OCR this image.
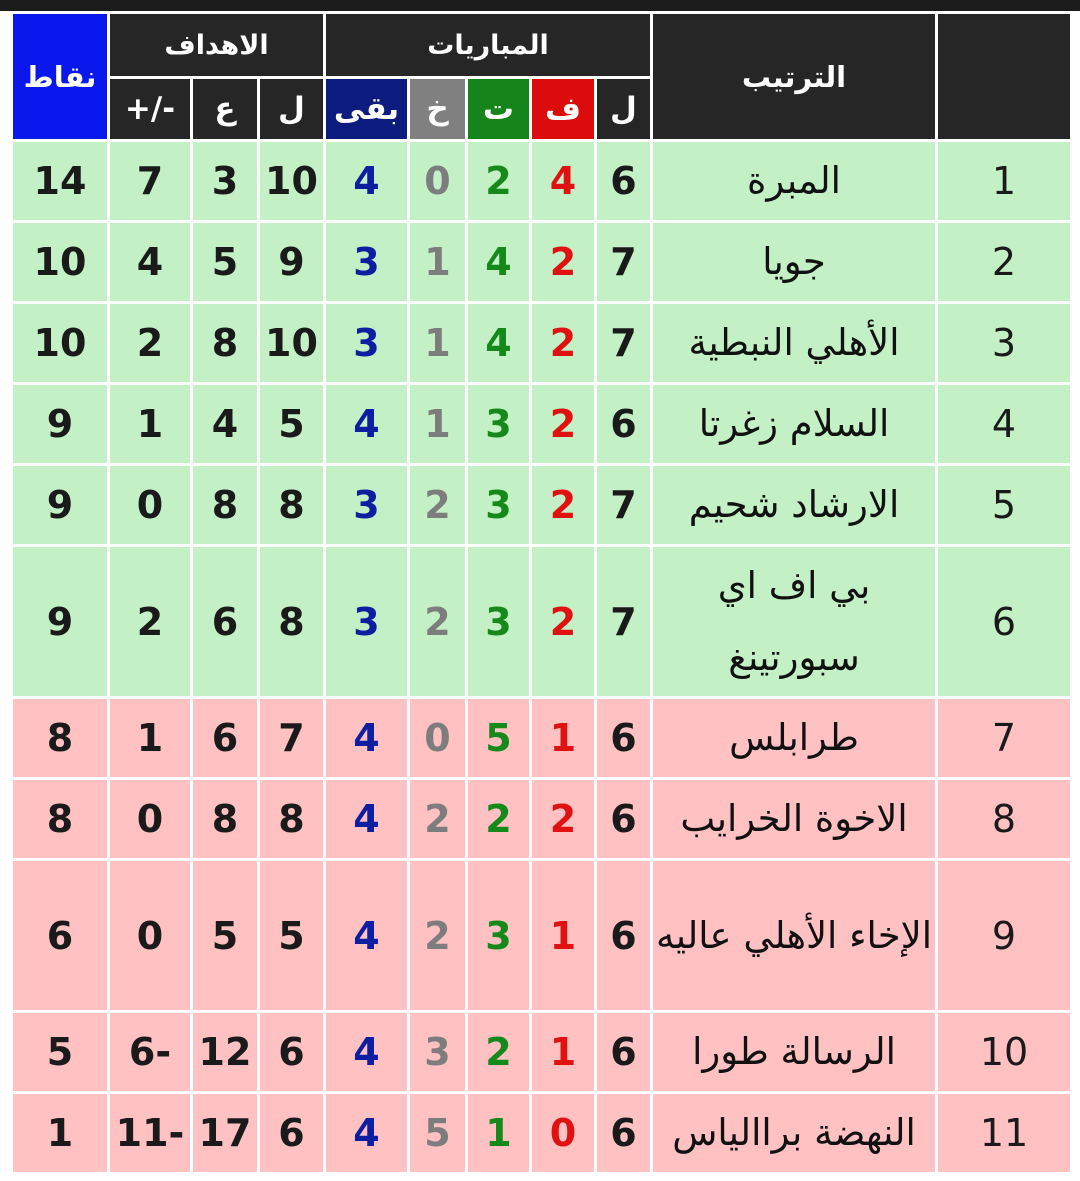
نقاط	الاهداف			المباريات					الترتيب	
	+/-	ع	ل	بقى	خ	ت	ف	ل		
14	7	3	10	4	0	2	4	6	المبرة	1
10	4	5	9	3	1	4	2	7	جويا	2
10	2	8	10	3	1	4	2	7	الأهلي النبطية	3
9	1	4	5	4	1	3	2	6	السلام زغرتا	4
9	0	8	8	3	2	3	2	7	الارشاد شحيم	5
9	2	6	8	3	2	3	2	7	بي اف اي سبورتينغ	6
8	1	6	7	4	0	5	1	6	طرابلس	7
8	0	8	8	4	2	2	2	6	الاخوة الخرايب	8
6	0	5	5	4	2	3	1	6	الإخاء الأهلي عاليه	9
5	6-	12	6	4	3	2	1	6	الرسالة طورا	10
1	11-	17	6	4	5	1	0	6	النهضة براالياس	11
